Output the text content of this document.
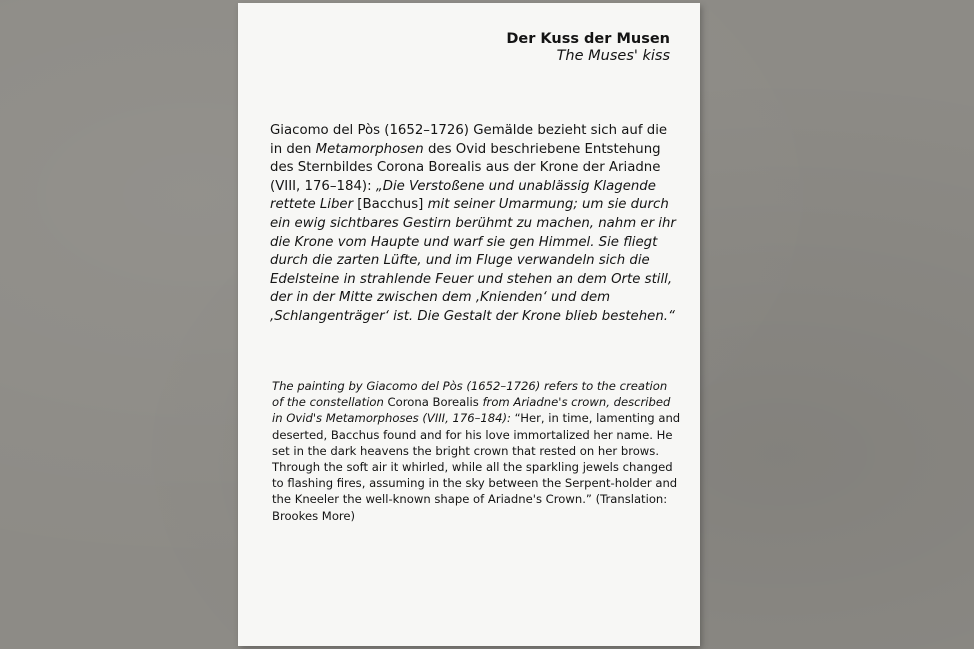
Der Kuss der Musen
The Muses' kiss

Giacomo del Pòs (1652–1726) Gemälde bezieht sich auf die in den Metamorphosen des Ovid beschriebene Entstehung des Sternbildes Corona Borealis aus der Krone der Ariadne (VIII, 176–184): „Die Verstoßene und unablässig Klagende rettete Liber [Bacchus] mit seiner Umarmung; um sie durch ein ewig sichtbares Gestirn berühmt zu machen, nahm er ihr die Krone vom Haupte und warf sie gen Himmel. Sie fliegt durch die zarten Lüfte, und im Fluge verwandeln sich die Edelsteine in strahlende Feuer und stehen an dem Orte still, der in der Mitte zwischen dem ‚Knienden‘ und dem ‚Schlangenträger‘ ist. Die Gestalt der Krone blieb bestehen.“

The painting by Giacomo del Pòs (1652–1726) refers to the creation of the constellation Corona Borealis from Ariadne's crown, described in Ovid's Metamorphoses (VIII, 176–184): “Her, in time, lamenting and deserted, Bacchus found and for his love immortalized her name. He set in the dark heavens the bright crown that rested on her brows. Through the soft air it whirled, while all the sparkling jewels changed to flashing fires, assuming in the sky between the Serpent-holder and the Kneeler the well-known shape of Ariadne's Crown.” (Translation: Brookes More)
